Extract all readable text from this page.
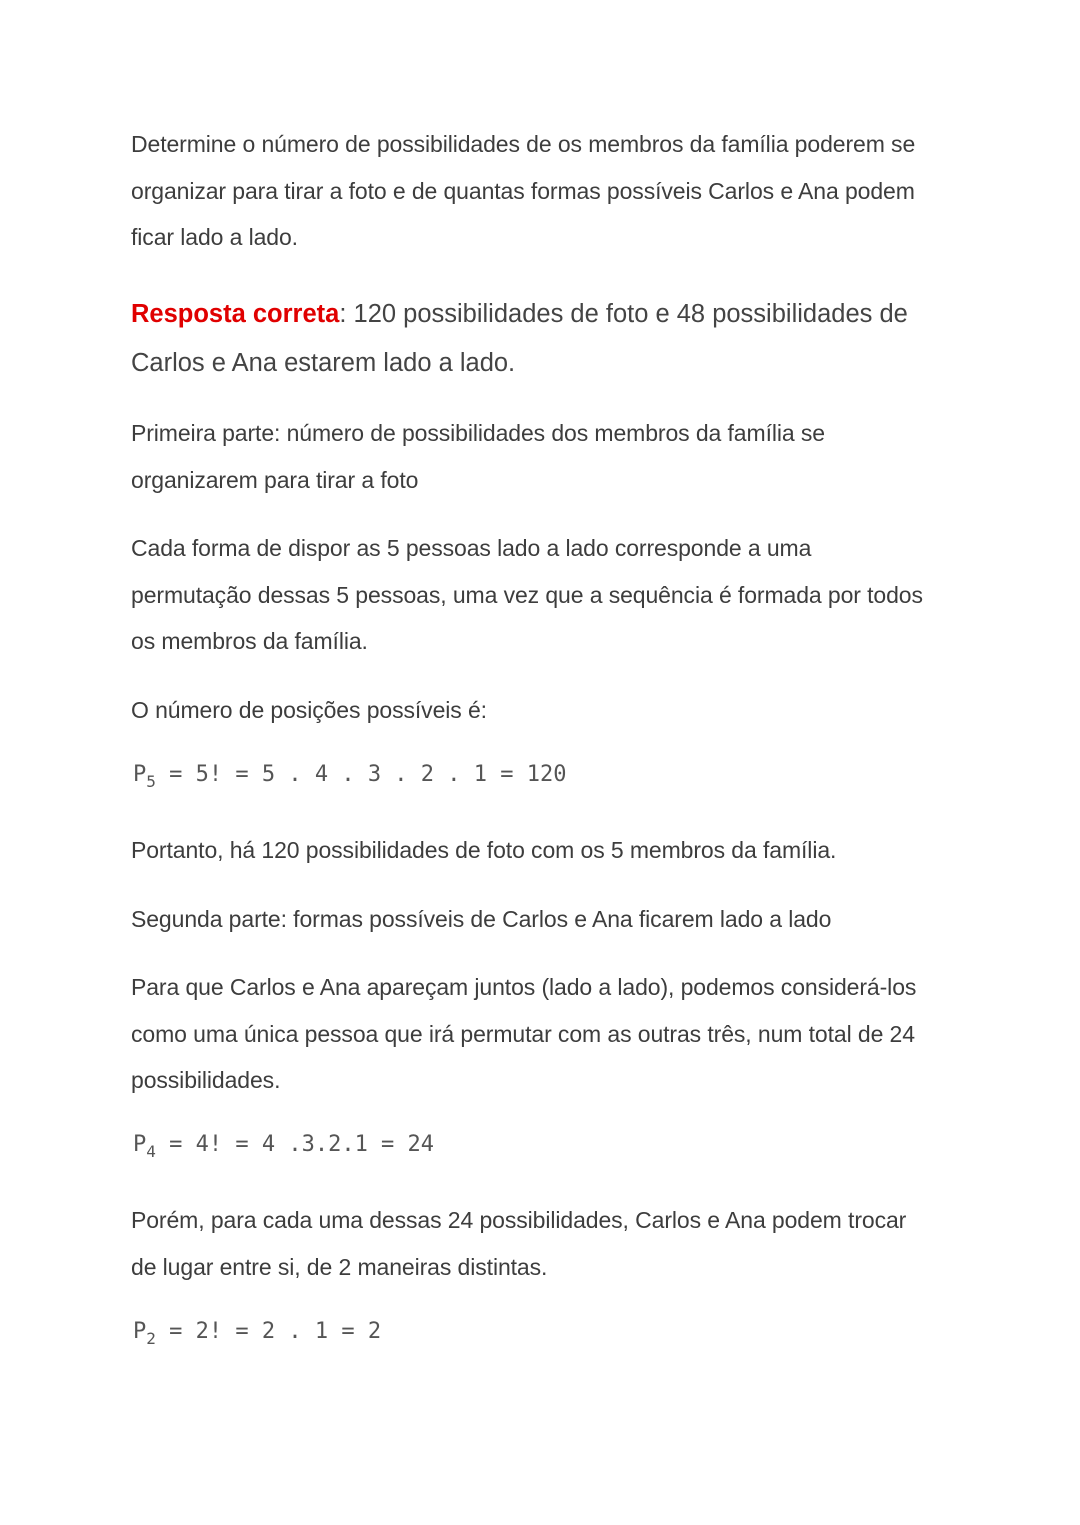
Determine o número de possibilidades de os membros da família poderem se
organizar para tirar a foto e de quantas formas possíveis Carlos e Ana podem
ficar lado a lado.

Resposta correta: 120 possibilidades de foto e 48 possibilidades de
Carlos e Ana estarem lado a lado.

Primeira parte: número de possibilidades dos membros da família se
organizarem para tirar a foto

Cada forma de dispor as 5 pessoas lado a lado corresponde a uma
permutação dessas 5 pessoas, uma vez que a sequência é formada por todos
os membros da família.

O número de posições possíveis é:

$P_5 = 5$! = 5 . 4 . 3 . 2 . 1 = 120

Portanto, há 120 possibilidades de foto com os 5 membros da família.

Segunda parte: formas possíveis de Carlos e Ana ficarem lado a lado

Para que Carlos e Ana apareçam juntos (lado a lado), podemos considerá-los
como uma única pessoa que irá permutar com as outras três, num total de 24
possibilidades.

$P_4 = 4$! = 4 .3.2.1 = 24

Porém, para cada uma dessas 24 possibilidades, Carlos e Ana podem trocar
de lugar entre si, de 2 maneiras distintas.

$P_2 = 2$! = 2 . 1 = 2
